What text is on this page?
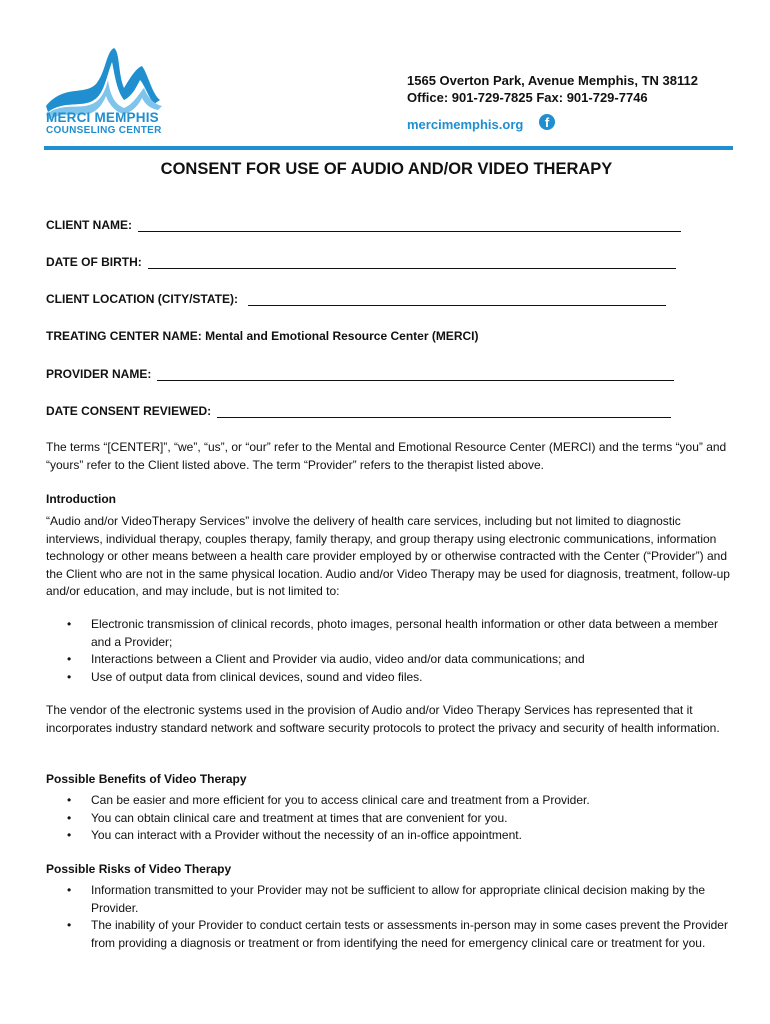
MERCI MEMPHIS
COUNSELING CENTER
1565 Overton Park, Avenue Memphis, TN 38112
Office: 901-729-7825 Fax: 901-729-7746
mercimemphis.org	f
CONSENT FOR USE OF AUDIO AND/OR VIDEO THERAPY
CLIENT NAME:
DATE OF BIRTH:
CLIENT LOCATION (CITY/STATE):
TREATING CENTER NAME: Mental and Emotional Resource Center (MERCI)
PROVIDER NAME:
DATE CONSENT REVIEWED:
The terms “[CENTER]”, “we”, “us”, or “our” refer to the Mental and Emotional Resource Center (MERCI) and the terms “you” and “yours” refer to the Client listed above. The term “Provider” refers to the therapist listed above.
Introduction
“Audio and/or VideoTherapy Services” involve the delivery of health care services, including but not limited to diagnostic interviews, individual therapy, couples therapy, family therapy, and group therapy using electronic communications, information technology or other means between a health care provider employed by or otherwise contracted with the Center (“Provider”) and the Client who are not in the same physical location. Audio and/or Video Therapy may be used for diagnosis, treatment, follow-up and/or education, and may include, but is not limited to:
• Electronic transmission of clinical records, photo images, personal health information or other data between a member and a Provider;
• Interactions between a Client and Provider via audio, video and/or data communications; and
• Use of output data from clinical devices, sound and video files.
The vendor of the electronic systems used in the provision of Audio and/or Video Therapy Services has represented that it incorporates industry standard network and software security protocols to protect the privacy and security of health information.
Possible Benefits of Video Therapy
• Can be easier and more efficient for you to access clinical care and treatment from a Provider.
• You can obtain clinical care and treatment at times that are convenient for you.
• You can interact with a Provider without the necessity of an in-office appointment.
Possible Risks of Video Therapy
• Information transmitted to your Provider may not be sufficient to allow for appropriate clinical decision making by the Provider.
• The inability of your Provider to conduct certain tests or assessments in-person may in some cases prevent the Provider from providing a diagnosis or treatment or from identifying the need for emergency clinical care or treatment for you.
